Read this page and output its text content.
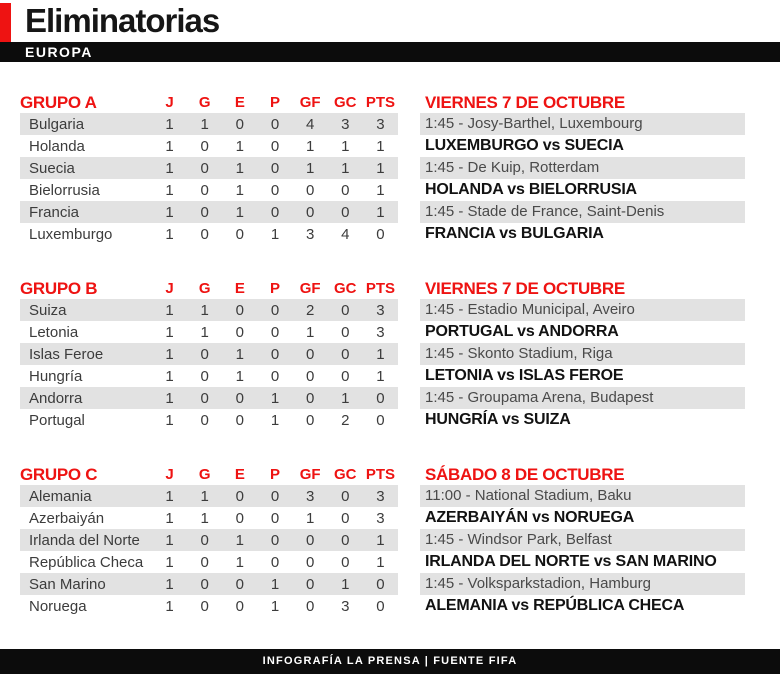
Eliminatorias
EUROPA
GRUPO A	J	G	E	P	GF GC PTS
Bulgaria	1	1	0	0	4	3	3
Holanda	1	0	1	0	1	1	1
Suecia	1	0	1	0	1	1	1
Bielorrusia	1	0	1	0	0	0	1
Francia	1	0	1	0	0	0	1
Luxemburgo	1	0	0	1	3	4	0
VIERNES 7 DE OCTUBRE
1:45 - Josy-Barthel, Luxembourg
LUXEMBURGO vs SUECIA
1:45 - De Kuip, Rotterdam
HOLANDA vs BIELORRUSIA
1:45 - Stade de France, Saint-Denis
FRANCIA vs BULGARIA
GRUPO B	J	G	E	P	GF GC PTS
Suiza	1	1	0	0	2	0	3
Letonia	1	1	0	0	1	0	3
Islas Feroe	1	0	1	0	0	0	1
Hungría	1	0	1	0	0	0	1
Andorra	1	0	0	1	0	1	0
Portugal	1	0	0	1	0	2	0
VIERNES 7 DE OCTUBRE
1:45 - Estadio Municipal, Aveiro
PORTUGAL vs ANDORRA
1:45 - Skonto Stadium, Riga
LETONIA vs ISLAS FEROE
1:45 - Groupama Arena, Budapest
HUNGRÍA vs SUIZA
GRUPO C	J	G	E	P	GF GC PTS
Alemania	1	1	0	0	3	0	3
Azerbaiyán	1	1	0	0	1	0	3
Irlanda del Norte	1	0	1	0	0	0	1
República Checa	1	0	1	0	0	0	1
San Marino	1	0	0	1	0	1	0
Noruega	1	0	0	1	0	3	0
SÁBADO 8 DE OCTUBRE
11:00 - National Stadium, Baku
AZERBAIYÁN vs NORUEGA
1:45 - Windsor Park, Belfast
IRLANDA DEL NORTE vs SAN MARINO
1:45 - Volksparkstadion, Hamburg
ALEMANIA vs REPÚBLICA CHECA
INFOGRAFÍA LA PRENSA | FUENTE FIFA
